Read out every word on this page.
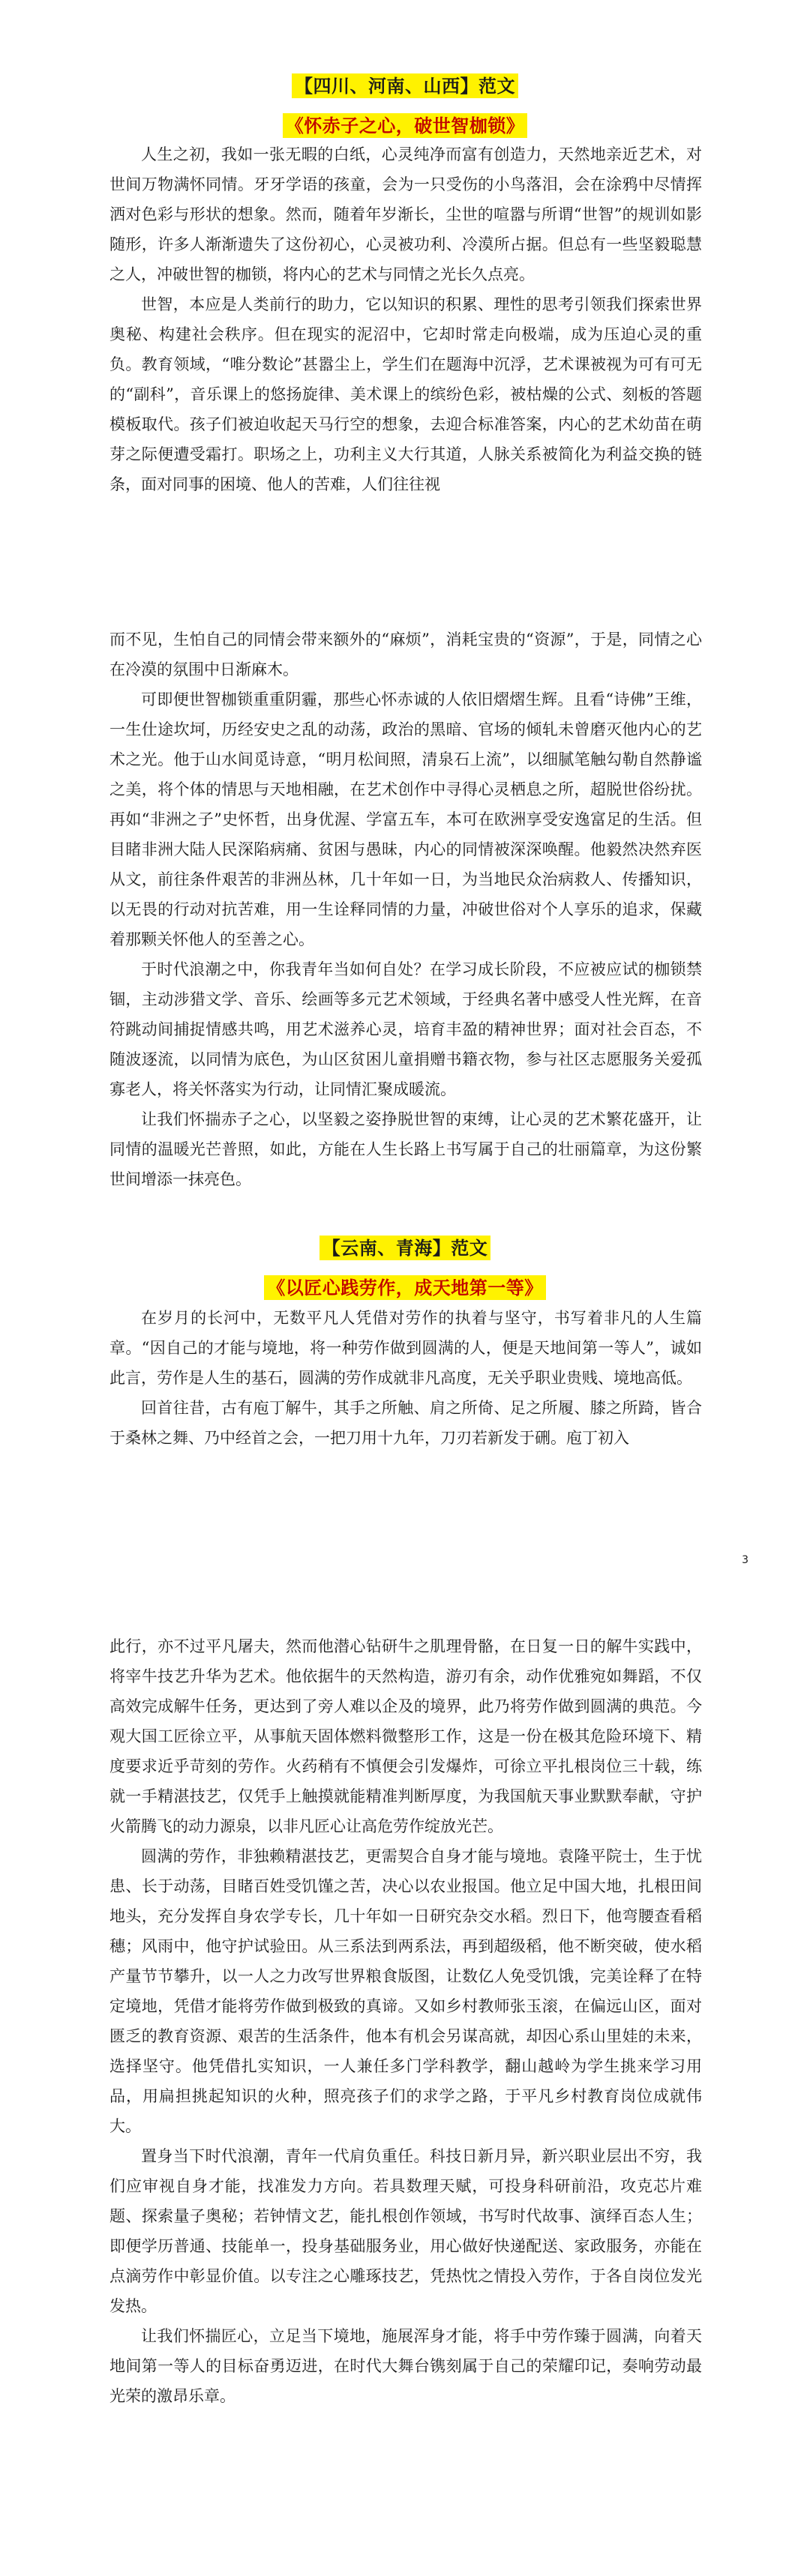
【四川、河南、山西】范文
《怀赤子之心，破世智枷锁》

人生之初，我如一张无暇的白纸，心灵纯净而富有创造力，天然地亲近艺术，对世间万物满怀同情。牙牙学语的孩童，会为一只受伤的小鸟落泪，会在涂鸦中尽情挥洒对色彩与形状的想象。然而，随着年岁渐长，尘世的喧嚣与所谓“世智”的规训如影随形，许多人渐渐遗失了这份初心，心灵被功利、冷漠所占据。但总有一些坚毅聪慧之人，冲破世智的枷锁，将内心的艺术与同情之光长久点亮。

世智，本应是人类前行的助力，它以知识的积累、理性的思考引领我们探索世界奥秘、构建社会秩序。但在现实的泥沼中，它却时常走向极端，成为压迫心灵的重负。教育领域，“唯分数论”甚嚣尘上，学生们在题海中沉浮，艺术课被视为可有可无的“副科”，音乐课上的悠扬旋律、美术课上的缤纷色彩，被枯燥的公式、刻板的答题模板取代。孩子们被迫收起天马行空的想象，去迎合标准答案，内心的艺术幼苗在萌芽之际便遭受霜打。职场之上，功利主义大行其道，人脉关系被简化为利益交换的链条，面对同事的困境、他人的苦难，人们往往视

而不见，生怕自己的同情会带来额外的“麻烦”，消耗宝贵的“资源”，于是，同情之心在冷漠的氛围中日渐麻木。

可即便世智枷锁重重阴霾，那些心怀赤诚的人依旧熠熠生辉。且看“诗佛”王维，一生仕途坎坷，历经安史之乱的动荡，政治的黑暗、官场的倾轧未曾磨灭他内心的艺术之光。他于山水间觅诗意，“明月松间照，清泉石上流”，以细腻笔触勾勒自然静谧之美，将个体的情思与天地相融，在艺术创作中寻得心灵栖息之所，超脱世俗纷扰。再如“非洲之子”史怀哲，出身优渥、学富五车，本可在欧洲享受安逸富足的生活。但目睹非洲大陆人民深陷病痛、贫困与愚昧，内心的同情被深深唤醒。他毅然决然弃医从文，前往条件艰苦的非洲丛林，几十年如一日，为当地民众治病救人、传播知识，以无畏的行动对抗苦难，用一生诠释同情的力量，冲破世俗对个人享乐的追求，保藏着那颗关怀他人的至善之心。

于时代浪潮之中，你我青年当如何自处？在学习成长阶段，不应被应试的枷锁禁锢，主动涉猎文学、音乐、绘画等多元艺术领域，于经典名著中感受人性光辉，在音符跳动间捕捉情感共鸣，用艺术滋养心灵，培育丰盈的精神世界；面对社会百态，不随波逐流，以同情为底色，为山区贫困儿童捐赠书籍衣物，参与社区志愿服务关爱孤寡老人，将关怀落实为行动，让同情汇聚成暖流。

让我们怀揣赤子之心，以坚毅之姿挣脱世智的束缚，让心灵的艺术繁花盛开，让同情的温暖光芒普照，如此，方能在人生长路上书写属于自己的壮丽篇章，为这份繁世间增添一抹亮色。

【云南、青海】范文
《以匠心践劳作，成天地第一等》

在岁月的长河中，无数平凡人凭借对劳作的执着与坚守，书写着非凡的人生篇章。“因自己的才能与境地，将一种劳作做到圆满的人，便是天地间第一等人”，诚如此言，劳作是人生的基石，圆满的劳作成就非凡高度，无关乎职业贵贱、境地高低。

回首往昔，古有庖丁解牛，其手之所触、肩之所倚、足之所履、膝之所踦，皆合于桑林之舞、乃中经首之会，一把刀用十九年，刀刃若新发于硎。庖丁初入

3

此行，亦不过平凡屠夫，然而他潜心钻研牛之肌理骨骼，在日复一日的解牛实践中，将宰牛技艺升华为艺术。他依据牛的天然构造，游刃有余，动作优雅宛如舞蹈，不仅高效完成解牛任务，更达到了旁人难以企及的境界，此乃将劳作做到圆满的典范。今观大国工匠徐立平，从事航天固体燃料微整形工作，这是一份在极其危险环境下、精度要求近乎苛刻的劳作。火药稍有不慎便会引发爆炸，可徐立平扎根岗位三十载，练就一手精湛技艺，仅凭手上触摸就能精准判断厚度，为我国航天事业默默奉献，守护火箭腾飞的动力源泉，以非凡匠心让高危劳作绽放光芒。

圆满的劳作，非独赖精湛技艺，更需契合自身才能与境地。袁隆平院士，生于忧患、长于动荡，目睹百姓受饥馑之苦，决心以农业报国。他立足中国大地，扎根田间地头，充分发挥自身农学专长，几十年如一日研究杂交水稻。烈日下，他弯腰查看稻穗；风雨中，他守护试验田。从三系法到两系法，再到超级稻，他不断突破，使水稻产量节节攀升，以一人之力改写世界粮食版图，让数亿人免受饥饿，完美诠释了在特定境地，凭借才能将劳作做到极致的真谛。又如乡村教师张玉滚，在偏远山区，面对匮乏的教育资源、艰苦的生活条件，他本有机会另谋高就，却因心系山里娃的未来，选择坚守。他凭借扎实知识，一人兼任多门学科教学，翻山越岭为学生挑来学习用品，用扁担挑起知识的火种，照亮孩子们的求学之路，于平凡乡村教育岗位成就伟大。

置身当下时代浪潮，青年一代肩负重任。科技日新月异，新兴职业层出不穷，我们应审视自身才能，找准发力方向。若具数理天赋，可投身科研前沿，攻克芯片难题、探索量子奥秘；若钟情文艺，能扎根创作领域，书写时代故事、演绎百态人生；即便学历普通、技能单一，投身基础服务业，用心做好快递配送、家政服务，亦能在点滴劳作中彰显价值。以专注之心雕琢技艺，凭热忱之情投入劳作，于各自岗位发光发热。

让我们怀揣匠心，立足当下境地，施展浑身才能，将手中劳作臻于圆满，向着天地间第一等人的目标奋勇迈进，在时代大舞台镌刻属于自己的荣耀印记，奏响劳动最光荣的激昂乐章。
